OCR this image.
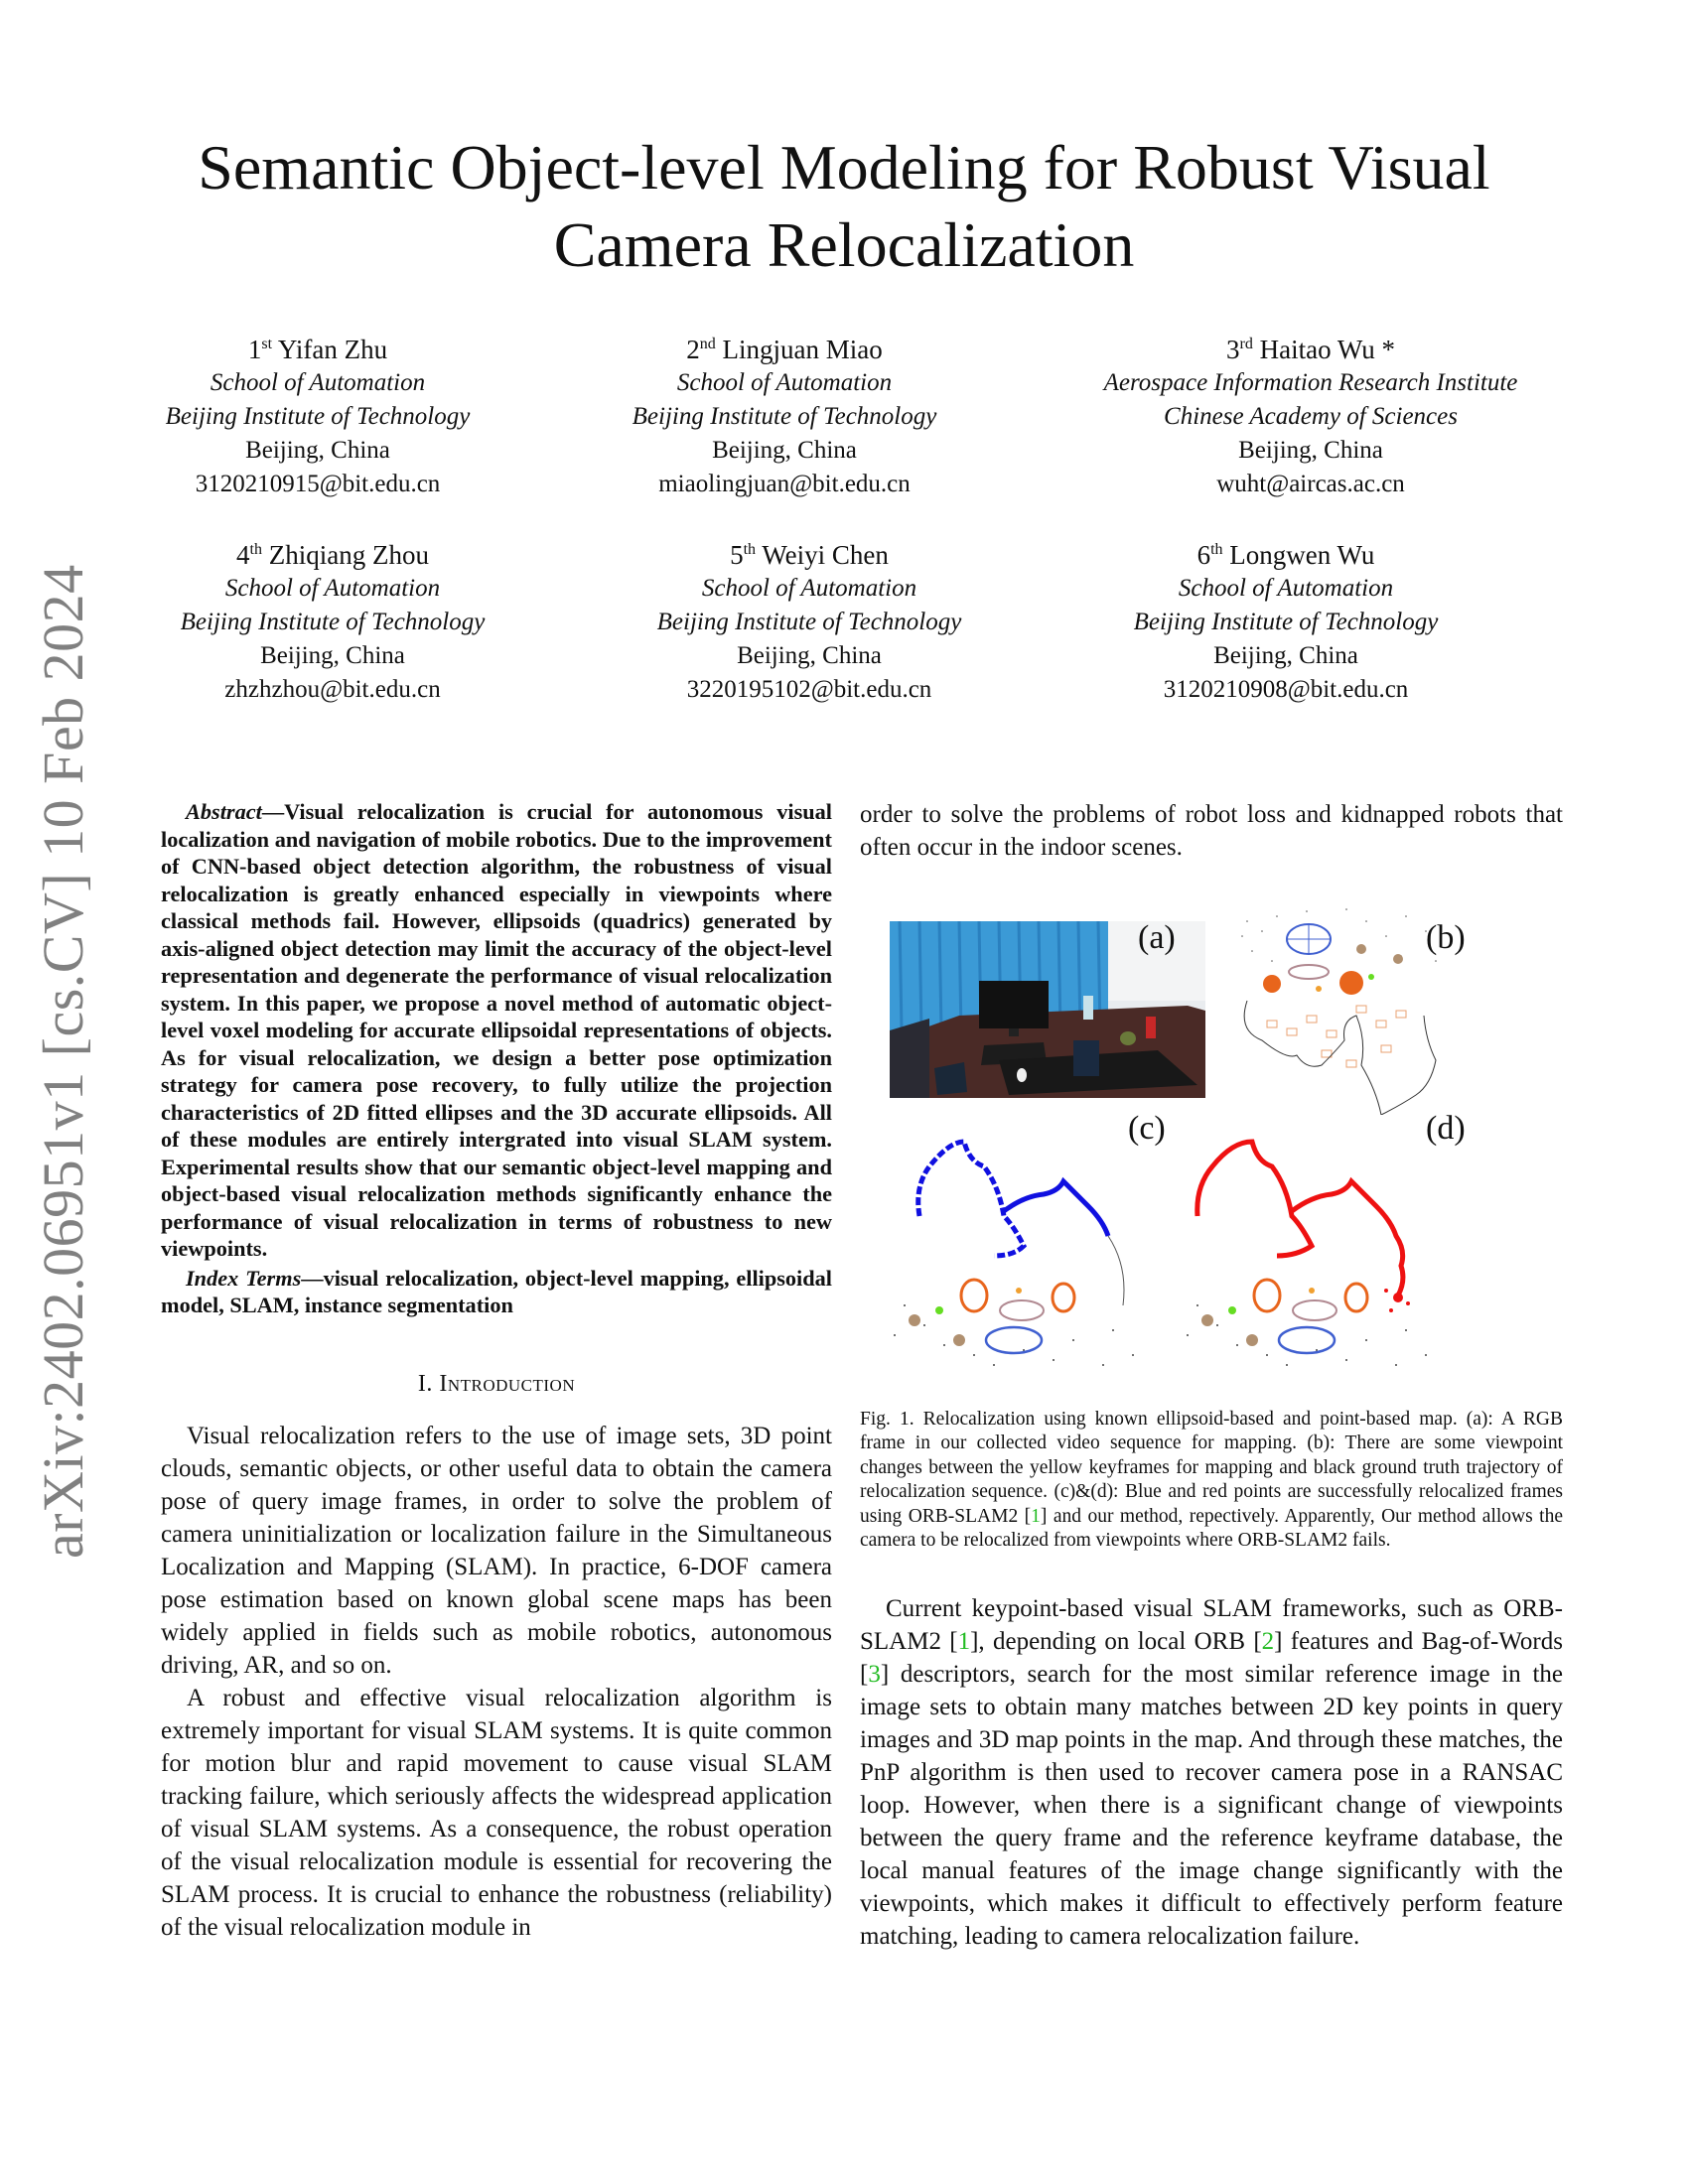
arXiv:2402.06951v1 [cs.CV] 10 Feb 2024
Semantic Object-level Modeling for Robust Visual Camera Relocalization
1st Yifan Zhu
School of Automation
Beijing Institute of Technology
Beijing, China
3120210915@bit.edu.cn
2nd Lingjuan Miao
School of Automation
Beijing Institute of Technology
Beijing, China
miaolingjuan@bit.edu.cn
3rd Haitao Wu *
Aerospace Information Research Institute
Chinese Academy of Sciences
Beijing, China
wuht@aircas.ac.cn
4th Zhiqiang Zhou
School of Automation
Beijing Institute of Technology
Beijing, China
zhzhzhou@bit.edu.cn
5th Weiyi Chen
School of Automation
Beijing Institute of Technology
Beijing, China
3220195102@bit.edu.cn
6th Longwen Wu
School of Automation
Beijing Institute of Technology
Beijing, China
3120210908@bit.edu.cn

Abstract—Visual relocalization is crucial for autonomous visual localization and navigation of mobile robotics. Due to the improvement of CNN-based object detection algorithm, the robustness of visual relocalization is greatly enhanced especially in viewpoints where classical methods fail. However, ellipsoids (quadrics) generated by axis-aligned object detection may limit the accuracy of the object-level representation and degenerate the performance of visual relocalization system. In this paper, we propose a novel method of automatic object-level voxel modeling for accurate ellipsoidal representations of objects. As for visual relocalization, we design a better pose optimization strategy for camera pose recovery, to fully utilize the projection characteristics of 2D fitted ellipses and the 3D accurate ellipsoids. All of these modules are entirely intergrated into visual SLAM system. Experimental results show that our semantic object-level mapping and object-based visual relocalization methods significantly enhance the performance of visual relocalization in terms of robustness to new viewpoints.

Index Terms—visual relocalization, object-level mapping, ellipsoidal model, SLAM, instance segmentation

I. Introduction

Visual relocalization refers to the use of image sets, 3D point clouds, semantic objects, or other useful data to obtain the camera pose of query image frames, in order to solve the problem of camera uninitialization or localization failure in the Simultaneous Localization and Mapping (SLAM). In practice, 6-DOF camera pose estimation based on known global scene maps has been widely applied in fields such as mobile robotics, autonomous driving, AR, and so on.

A robust and effective visual relocalization algorithm is extremely important for visual SLAM systems. It is quite common for motion blur and rapid movement to cause visual SLAM tracking failure, which seriously affects the widespread application of visual SLAM systems. As a consequence, the robust operation of the visual relocalization module is essential for recovering the SLAM process. It is crucial to enhance the robustness (reliability) of the visual relocalization module in

order to solve the problems of robot loss and kidnapped robots that often occur in the indoor scenes.

(a)	(b)
(c)	(d)

Fig. 1. Relocalization using known ellipsoid-based and point-based map. (a): A RGB frame in our collected video sequence for mapping. (b): There are some viewpoint changes between the yellow keyframes for mapping and black ground truth trajectory of relocalization sequence. (c)&(d): Blue and red points are successfully relocalized frames using ORB-SLAM2 [1] and our method, repectively. Apparently, Our method allows the camera to be relocalized from viewpoints where ORB-SLAM2 fails.

Current keypoint-based visual SLAM frameworks, such as ORB-SLAM2 [1], depending on local ORB [2] features and Bag-of-Words [3] descriptors, search for the most similar reference image in the image sets to obtain many matches between 2D key points in query images and 3D map points in the map. And through these matches, the PnP algorithm is then used to recover camera pose in a RANSAC loop. However, when there is a significant change of viewpoints between the query frame and the reference keyframe database, the local manual features of the image change significantly with the viewpoints, which makes it difficult to effectively perform feature matching, leading to camera relocalization failure.
